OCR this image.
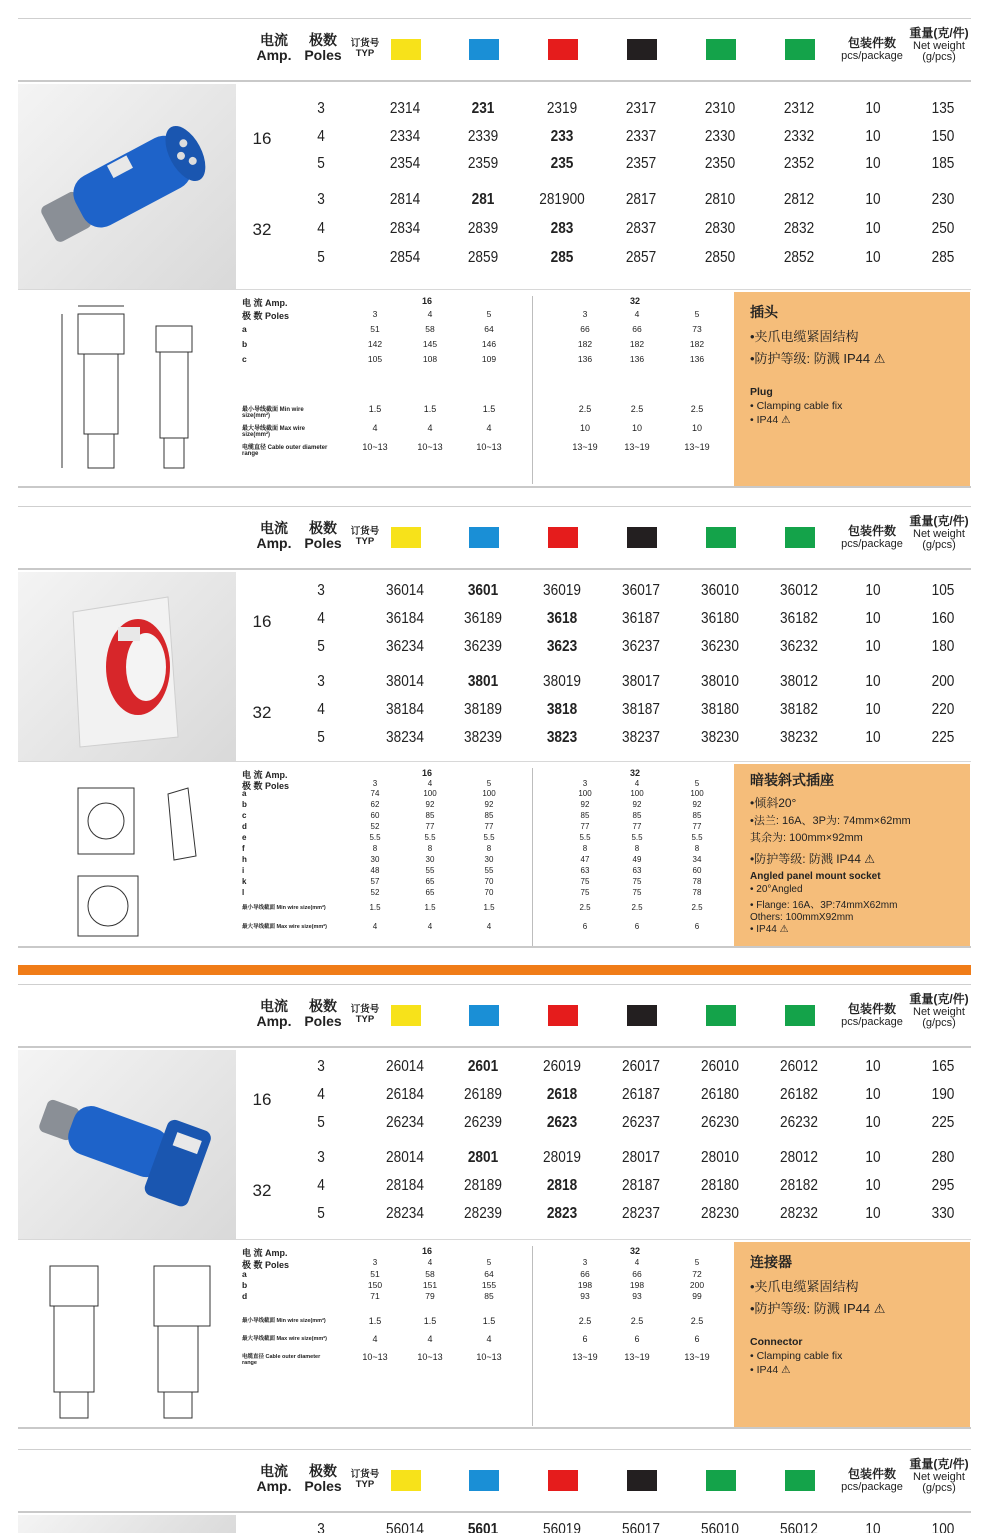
电流
Amp.
极数
Poles
订货号
TYP
包装件数
pcs/package
重量(克/件)
Net weight
(g/pcs)
16
32
3	2314	231	2319	2317	2310	2312	10	135
4	2334	2339	233	2337	2330	2332	10	150
5	2354	2359	235	2357	2350	2352	10	185
3	2814	281	281900	2817	2810	2812	10	230
4	2834	2839	283	2837	2830	2832	10	250
5	2854	2859	285	2857	2850	2852	10	285
电 流 Amp.	16	32
极 数 Poles	3	4	5	3	4	5
a	51	58	64	66	66	73
b	142	145	146	182	182	182
c	105	108	109	136	136	136
最小导线截面 Min wire size(mm²)
1.5	1.5	1.5	2.5	2.5	2.5
最大导线截面 Max wire size(mm²)
4	4	4	10	10	10
电缆直径 Cable outer diameter range
10~13	10~13	10~13	13~19	13~19	13~19
插头
•夹爪电缆紧固结构
•防护等级: 防溅 IP44 ⚠
Plug
• Clamping cable fix
• IP44 ⚠
电流
Amp.
极数
Poles
订货号
TYP
包装件数
pcs/package
重量(克/件)
Net weight
(g/pcs)
16
32
3	36014	3601	36019	36017	36010	36012	10	105
4	36184	36189	3618	36187	36180	36182	10	160
5	36234	36239	3623	36237	36230	36232	10	180
3	38014	3801	38019	38017	38010	38012	10	200
4	38184	38189	3818	38187	38180	38182	10	220
5	38234	38239	3823	38237	38230	38232	10	225
电 流 Amp.	16	32
极 数 Poles	3	4	5	3	4	5
a	74	100	100	100	100	100
b	62	92	92	92	92	92
c	60	85	85	85	85	85
d	52	77	77	77	77	77
e	5.5	5.5	5.5	5.5	5.5	5.5
f	8	8	8	8	8	8
h	30	30	30	47	49	34
i	48	55	55	63	63	60
k	57	65	70	75	75	78
l	52	65	70	75	75	78
最小导线截面 Min wire size(mm²)	1.5	1.5	1.5	2.5	2.5	2.5
最大导线截面 Max wire size(mm²)	4	4	4	6	6	6
暗装斜式插座
•倾斜20°
•法兰: 16A、3P为: 74mm×62mm
其余为: 100mm×92mm
•防护等级: 防溅 IP44 ⚠
Angled panel mount socket
• 20°Angled
• Flange: 16A、3P:74mmX62mm
Others: 100mmX92mm
• IP44 ⚠
电流
Amp.
极数
Poles
订货号
TYP
包装件数
pcs/package
重量(克/件)
Net weight
(g/pcs)
16
32
3	26014	2601	26019	26017	26010	26012	10	165
4	26184	26189	2618	26187	26180	26182	10	190
5	26234	26239	2623	26237	26230	26232	10	225
3	28014	2801	28019	28017	28010	28012	10	280
4	28184	28189	2818	28187	28180	28182	10	295
5	28234	28239	2823	28237	28230	28232	10	330
电 流 Amp.	16	32
极 数 Poles	3	4	5	3	4	5
a	51	58	64	66	66	72
b	150	151	155	198	198	200
d	71	79	85	93	93	99
最小导线截面 Min wire size(mm²)	1.5	1.5	1.5	2.5	2.5	2.5
最大导线截面 Max wire size(mm²)	4	4	4	6	6	6
电缆直径 Cable outer diameter range
10~13	10~13	10~13	13~19	13~19	13~19
连接器
•夹爪电缆紧固结构
•防护等级: 防溅 IP44 ⚠
Connector
• Clamping cable fix
• IP44 ⚠
电流
Amp.
极数
Poles
订货号
TYP
包装件数
pcs/package
重量(克/件)
Net weight
(g/pcs)
3	56014	5601	56019	56017	56010	56012	10	100
